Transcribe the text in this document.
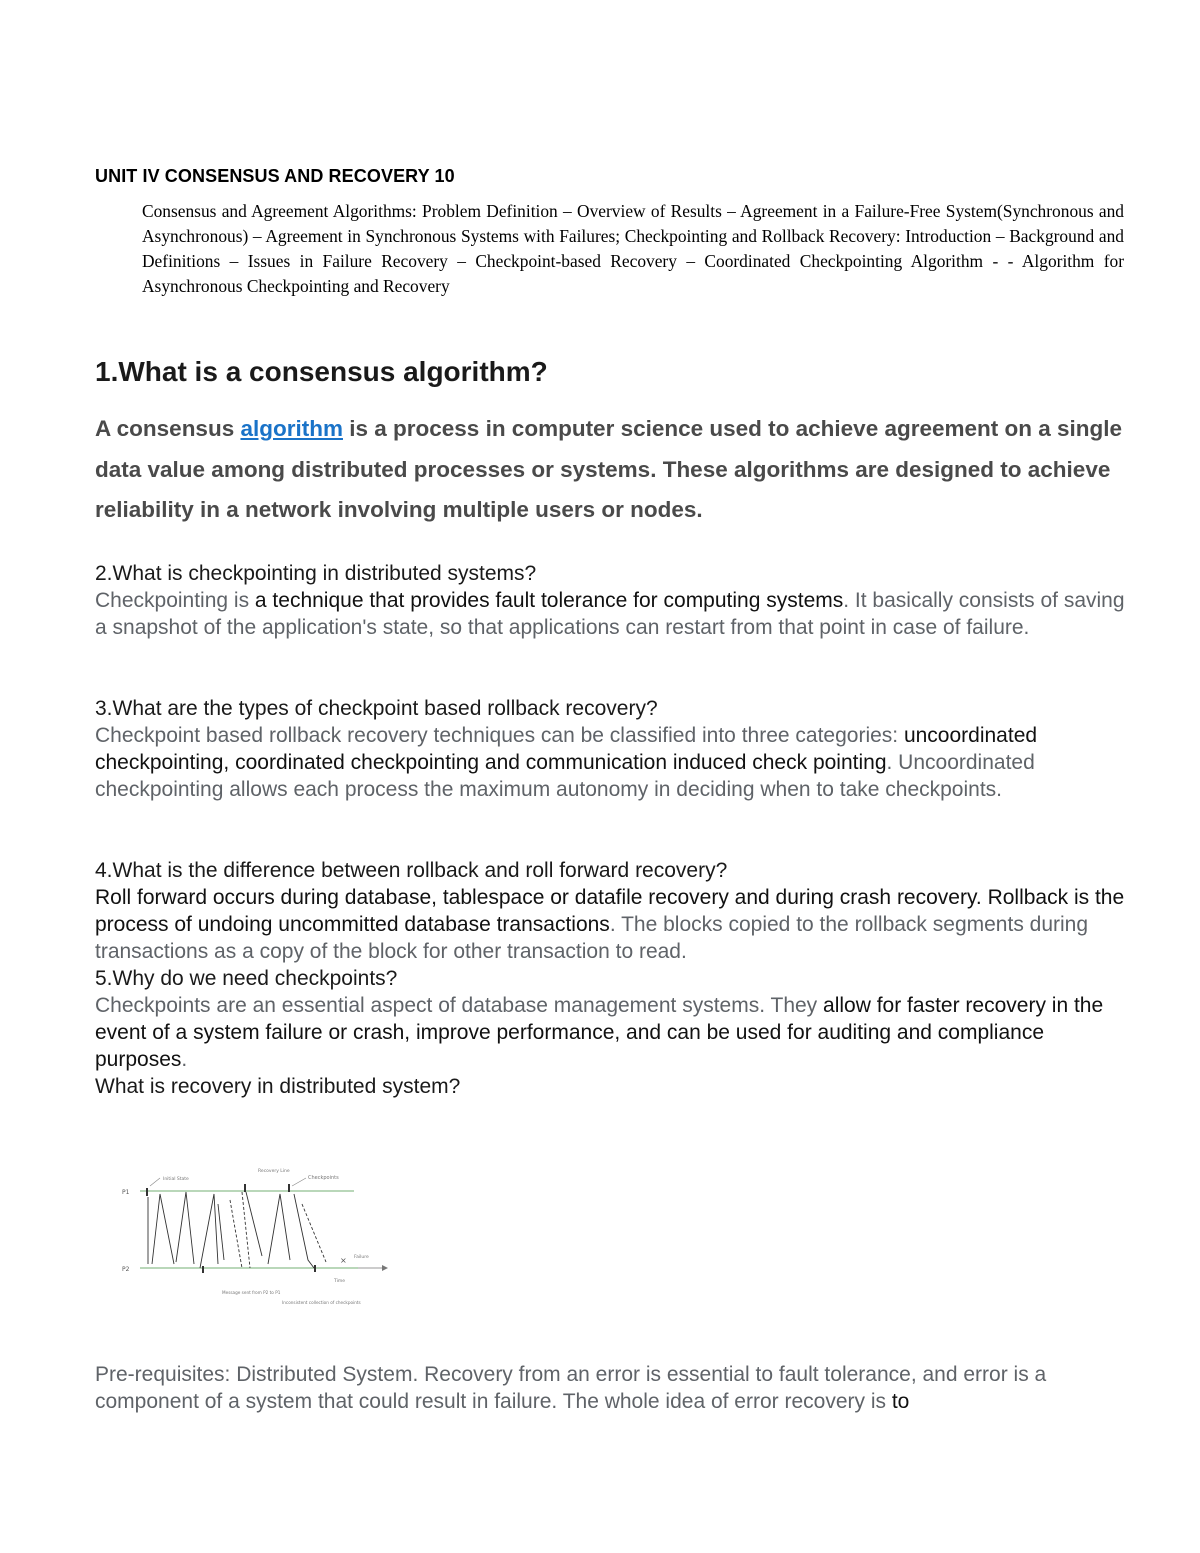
UNIT IV CONSENSUS AND RECOVERY 10
Consensus and Agreement Algorithms: Problem Definition – Overview of Results – Agreement in a Failure-Free System(Synchronous and Asynchronous) – Agreement in Synchronous Systems with Failures; Checkpointing and Rollback Recovery: Introduction – Background and Definitions – Issues in Failure Recovery – Checkpoint-based Recovery – Coordinated Checkpointing Algorithm - - Algorithm for Asynchronous Checkpointing and Recovery
1.What is a consensus algorithm?
A consensus algorithm is a process in computer science used to achieve agreement on a single data value among distributed processes or systems. These algorithms are designed to achieve reliability in a network involving multiple users or nodes.
2.What is checkpointing in distributed systems?
Checkpointing is a technique that provides fault tolerance for computing systems. It basically consists of saving a snapshot of the application's state, so that applications can restart from that point in case of failure.
3.What are the types of checkpoint based rollback recovery?
Checkpoint based rollback recovery techniques can be classified into three categories: uncoordinated checkpointing, coordinated checkpointing and communication induced check pointing. Uncoordinated checkpointing allows each process the maximum autonomy in deciding when to take checkpoints.
4.What is the difference between rollback and roll forward recovery?
Roll forward occurs during database, tablespace or datafile recovery and during crash recovery. Rollback is the process of undoing uncommitted database transactions. The blocks copied to the rollback segments during transactions as a copy of the block for other transaction to read.
5.Why do we need checkpoints?
Checkpoints are an essential aspect of database management systems. They allow for faster recovery in the event of a system failure or crash, improve performance, and can be used for auditing and compliance purposes.
What is recovery in distributed system?
P1
P2
×
Initial State
Recovery Line
Checkpoints
Failure
Time
Message sent from P2 to P1
Inconsistent collection of checkpoints
Pre-requisites: Distributed System. Recovery from an error is essential to fault tolerance, and error is a component of a system that could result in failure. The whole idea of error recovery is to
